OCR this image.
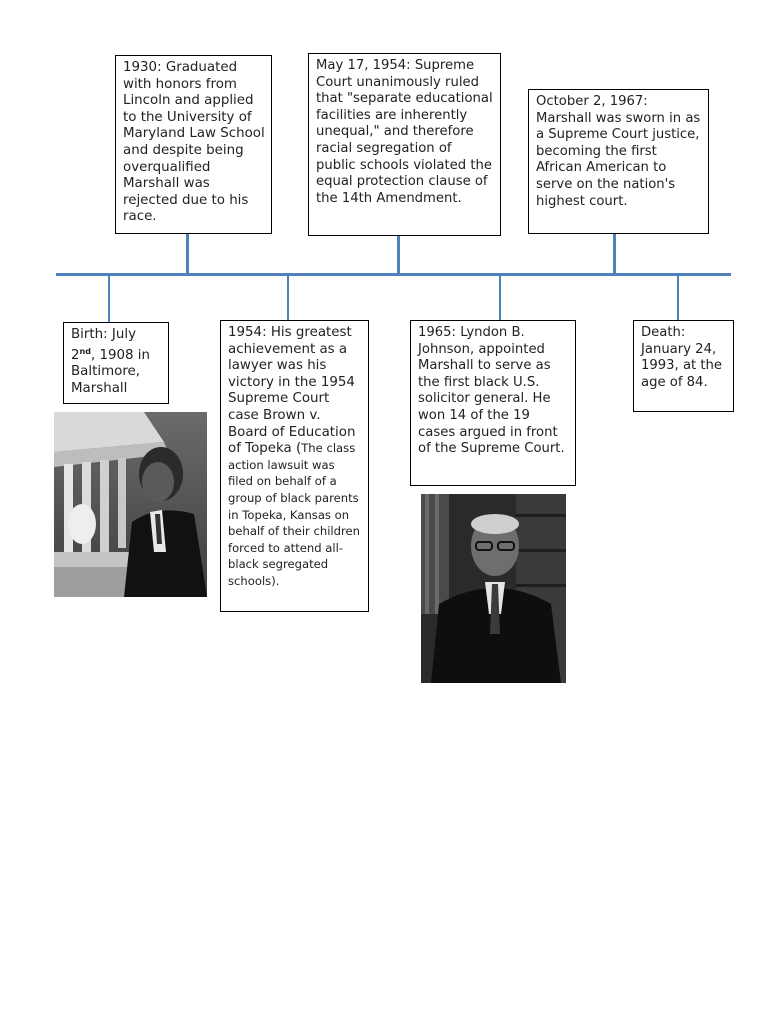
1930: Graduated with honors from Lincoln and applied to the University of Maryland Law School and despite being overqualified Marshall was rejected due to his race.
May 17, 1954: Supreme Court unanimously ruled that "separate educational facilities are inherently unequal," and therefore racial segregation of public schools violated the equal protection clause of the 14th Amendment.
October 2, 1967: Marshall was sworn in as a Supreme Court justice, becoming the first African American to serve on the nation's highest court.
Birth: July 2nd, 1908 in Baltimore, Marshall
1954: His greatest achievement as a lawyer was his victory in the 1954 Supreme Court case Brown v. Board of Education of Topeka (The class action lawsuit was filed on behalf of a group of black parents in Topeka, Kansas on behalf of their children forced to attend all-black segregated schools).
1965: Lyndon B. Johnson, appointed Marshall to serve as the first black U.S. solicitor general. He won 14 of the 19 cases argued in front of the Supreme Court.
Death: January 24, 1993, at the age of 84.
